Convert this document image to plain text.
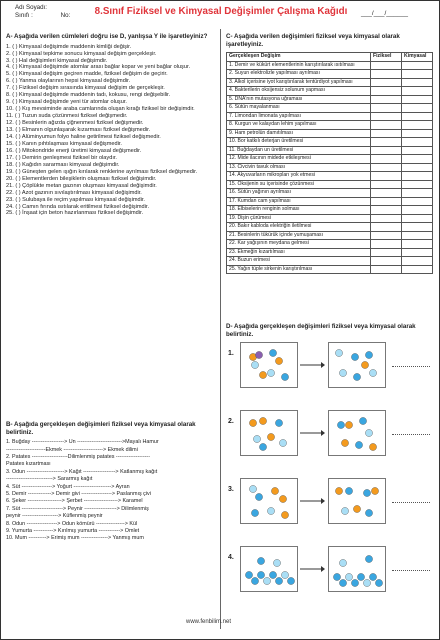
Adı Soyadı:
Sınıfı :	No:	8.Sınıf Fiziksel ve Kimyasal Değişimler Çalışma Kağıdı	___/___/______
A- Aşağıda verilen cümleleri doğru ise D, yanlışsa Y ile işaretleyiniz?
1. ( ) Kimyasal değişimde maddenin kimliği değişir.
2. ( ) Kimyasal tepkime sonucu kimyasal değişim gerçekleşir.
3. ( ) Hal değişimleri kimyasal değişimdir.
4. ( ) Kimyasal değişimde atomlar arası bağlar kopar ve yeni bağlar oluşur.
5. ( ) Kimyasal değişim geçiren madde, fiziksel değişim de geçirir.
6. ( ) Yanma olaylarının hepsi kimyasal değişimdir.
7. ( ) Fiziksel değişim sırasında kimyasal değişim de gerçekleşir.
8. ( ) Kimyasal değişimde maddenin tadı, kokusu, rengi değişebilir.
9. ( ) Kimyasal değişimde yeni tür atomlar oluşur.
10. ( ) Kış mevsiminde araba camlarında oluşan kırağı fiziksel bir değişimdir.
11. ( ) Tuzun suda çözünmesi fiziksel değişmedir.
12. ( ) Besinlerin ağızda çiğnenmesi fiziksel değişmedir.
13. ( ) Elmanın olgunlaşarak kızarması fiziksel değişmedir.
14. ( ) Alüminyumun folyo haline getirilmesi fiziksel değişmedir.
15. ( ) Kanın pıhtılaşması kimyasal değişmedir.
16. ( ) Mitokondride enerji üretimi kimyasal değişmedir.
17. ( ) Demirin genleşmesi fiziksel bir olaydır.
18. ( ) Kağıdın sararması kimyasal değişimdir.
19. ( ) Güneşten gelen ışığın kırılarak renklerine ayrılması fiziksel değişmedir.
20. ( ) Elementlerden bileşiklerin oluşması fiziksel değişimdir.
21. ( ) Çöplükte metan gazının oluşması kimyasal değişimdir.
22. ( ) Azot gazının sıvılaştırılması kimyasal değişimdir.
23. ( ) Sulubaya ile reçim yapılması kimyasal değişimdir.
24. ( ) Camın fırında ısıtılarak eritilmesi fiziksel değişimdir.
25. ( ) İnşaat için beton hazırlanması fiziksel değişimdir.
B- Aşağıda gerçekleşen değişimleri fiziksel veya kimyasal olarak belirtiniz.
1. Buğday ------------------> Un ------------------------->Mayalı Hamur
----------------------Ekmek ----------------------> Ekmek dilimi
2. Patates --------------------Dilimlenmiş patates -------------------
Patates kızartması
3. Odun ---------------------> Kağıt ------------------> Katlanmış kağıt
--------------------------> Sararmış kağıt
4. Süt -----------------> Yoğurt ---------------------> Ayran
5. Demir -------------> Demir givi -----------------> Paslanmış çivi
6. Şeker -------------------> Şerbet -------------------> Karamel
7. Süt -----------------------> Peynir ------------------> Dilimlenmiş
peynir --------------------> Küflenmiş peynir
8. Odun -----------------> Odun kömürü ----------------> Kül
9. Yumurta -----------> Kırılmış yumurta ------------> Omlet
10. Mum ----------> Erimiş mum ---------------> Yanmış mum
C- Aşağıda verilen değişimleri fiziksel veya kimyasal olarak işaretleyiniz.
Gerçekleşen Değişim	Fiziksel	Kimyasal
1. Demir ve kükürt elementlerinin karıştırılarak ısıtılması		
2. Suyun elektrolizle yapılması ayrılması		
3. Alkol içerisine iyot karıştırılarak tentürdiyot yapılması		
4. Bakterilerin oksijensiz solunum yapması		
5. DNA'nın mutasyona uğraması		
6. Sütün mayalanması		
7. Limondan limonata yapılması		
8. Kurgun ve kalaydan lehim yapılması		
9. Ham petrolün damıtılması		
10. Bor katkılı deterjan üretilmesi		
11. Buğdaydan un üretilmesi		
12. Mide ilacının midede etkileşmesi		
13. Civcivin tavuk olması		
14. Akyuvarların mikropları yok etmesi		
15. Oksijenin su içerisinde çözünmesi		
16. Sütün yağının ayrılması		
17. Kumdan cam yapılması		
18. Elbiselerin renginin solması		
19. Dişin çürümesi		
20. Bakır kabloda elektriğin iletilmesi		
21. Besinlerin tükürük içinde yumuşaması		
22. Kar yağışının meydana gelmesi		
23. Ekmeğin kızartılması		
24. Buzun erimesi		
25. Yağın tüple sirkenin karıştırılması		
D- Aşağıda gerçekleşen değişimleri fiziksel veya kimyasal olarak belirtiniz.
1.
2.
3.
4.
www.fenbilim.net
